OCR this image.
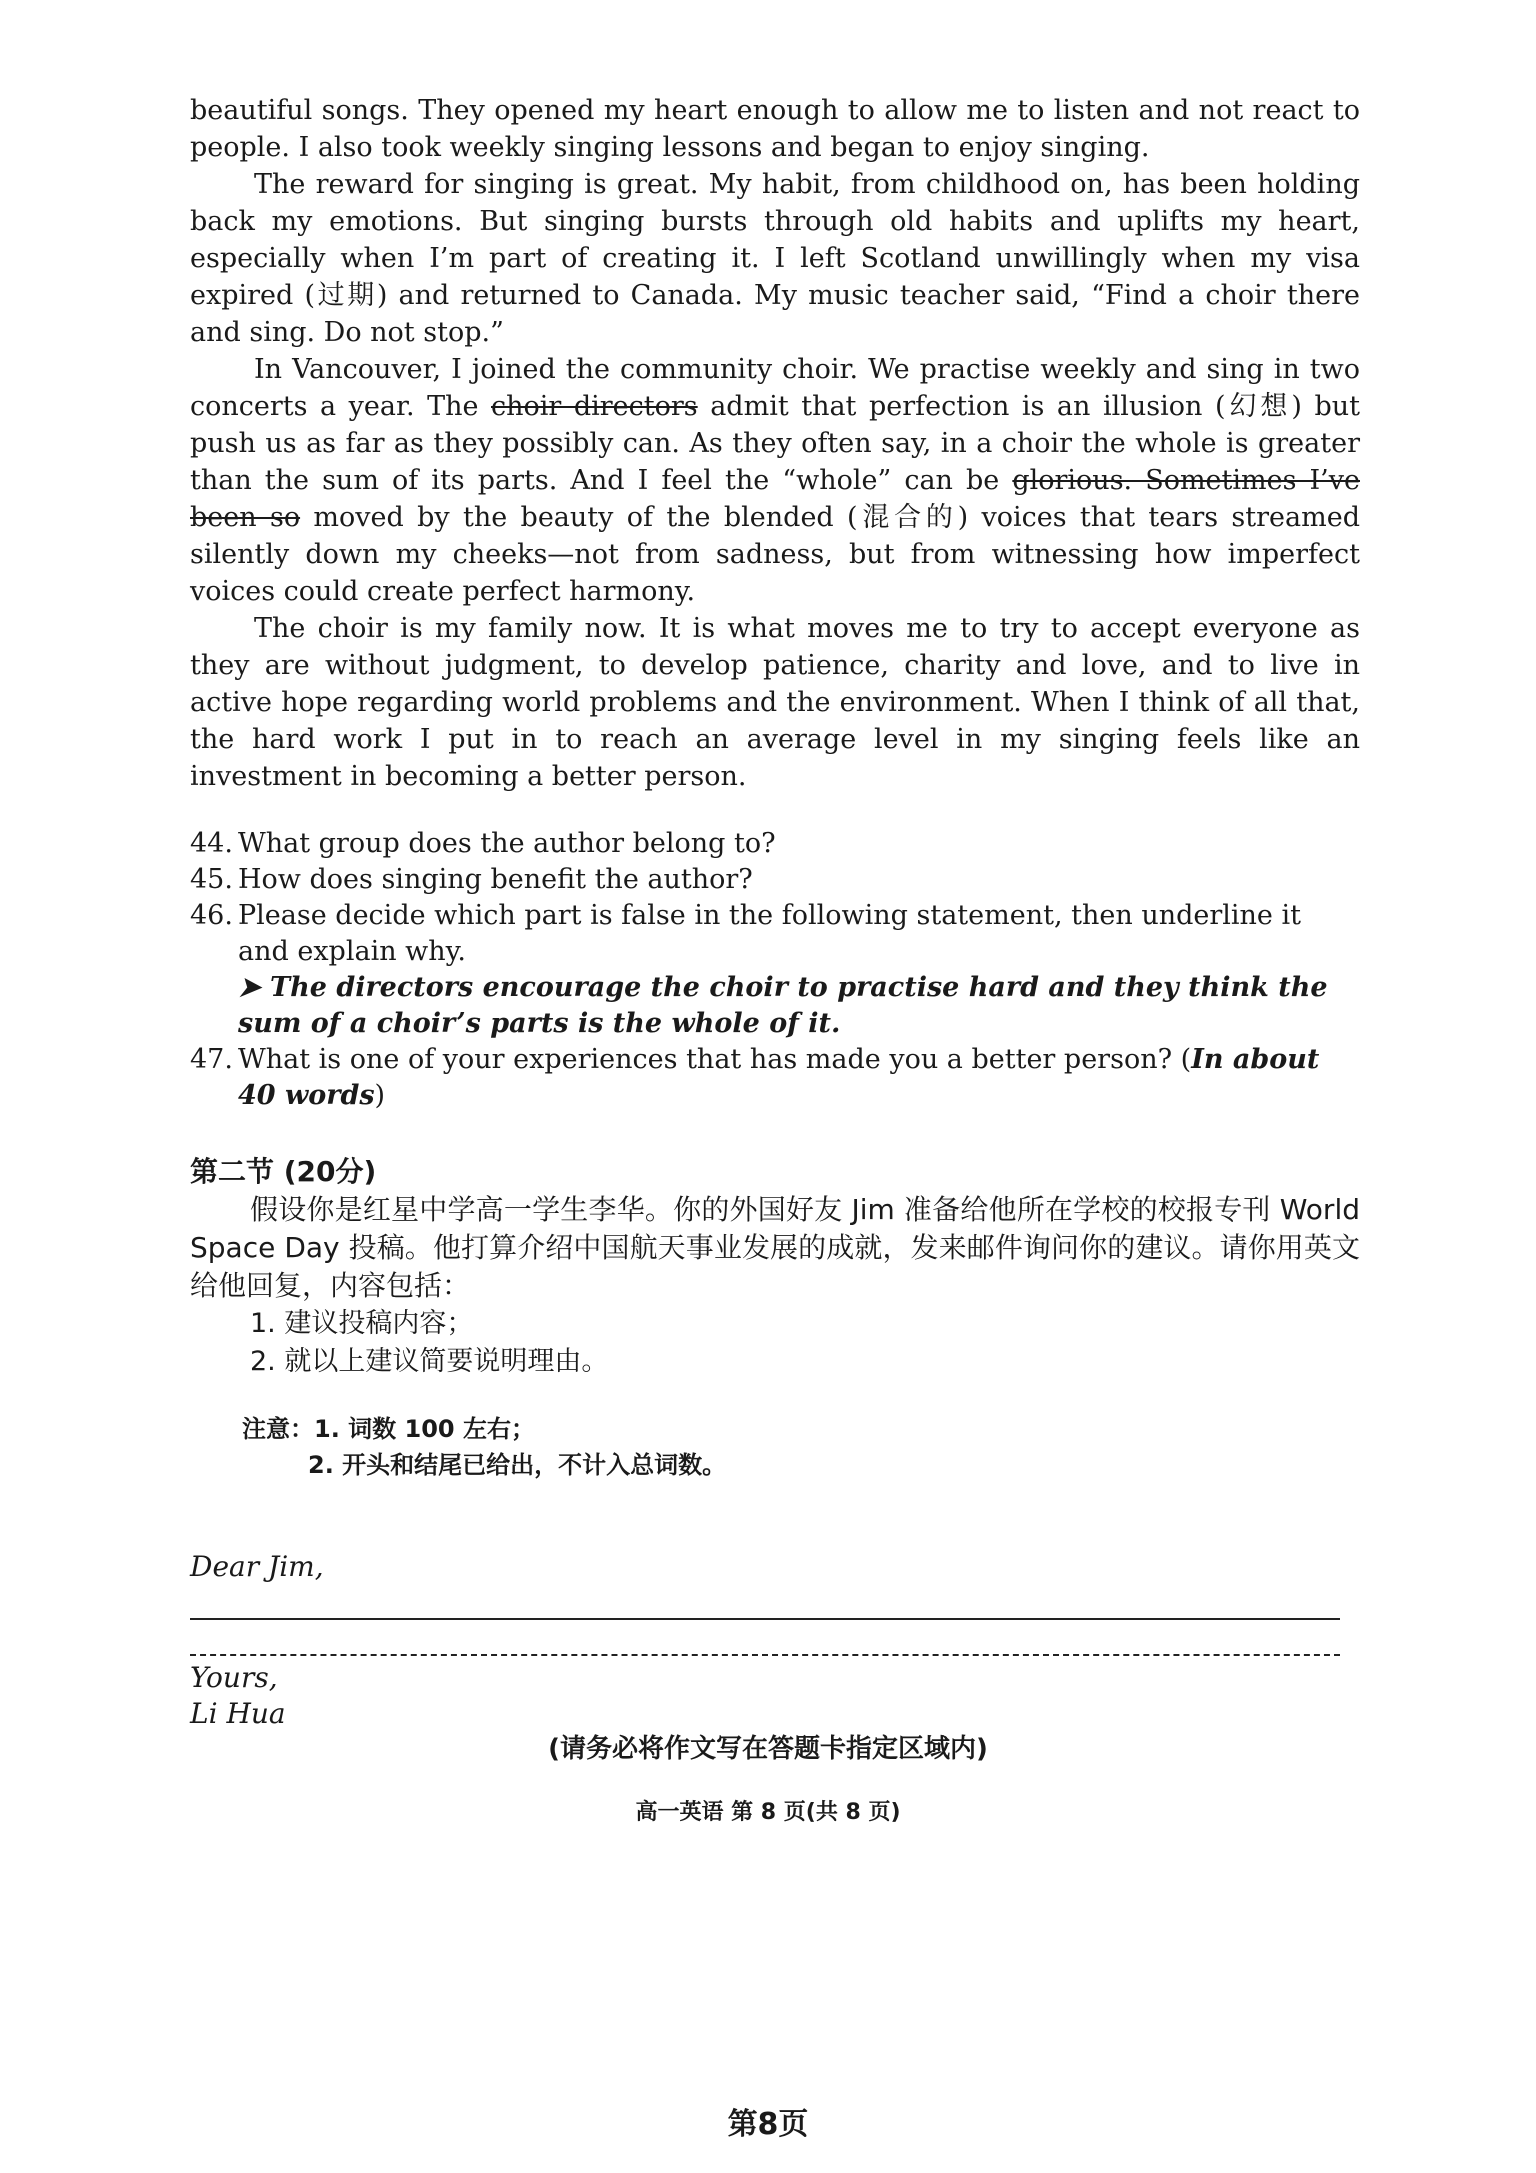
beautiful songs. They opened my heart enough to allow me to listen and not react to people. I also took weekly singing lessons and began to enjoy singing.

The reward for singing is great. My habit, from childhood on, has been holding back my emotions. But singing bursts through old habits and uplifts my heart, especially when I’m part of creating it. I left Scotland unwillingly when my visa expired (过期) and returned to Canada. My music teacher said, “Find a choir there and sing. Do not stop.”

In Vancouver, I joined the community choir. We practise weekly and sing in two concerts a year. The choir directors admit that perfection is an illusion (幻想) but push us as far as they possibly can. As they often say, in a choir the whole is greater than the sum of its parts. And I feel the “whole” can be glorious. Sometimes I’ve been so moved by the beauty of the blended (混合的) voices that tears streamed silently down my cheeks—not from sadness, but from witnessing how imperfect voices could create perfect harmony.

The choir is my family now. It is what moves me to try to accept everyone as they are without judgment, to develop patience, charity and love, and to live in active hope regarding world problems and the environment. When I think of all that, the hard work I put in to reach an average level in my singing feels like an investment in becoming a better person.

44. What group does the author belong to?
45. How does singing benefit the author?
46. Please decide which part is false in the following statement, then underline it and explain why.
➤ The directors encourage the choir to practise hard and they think the sum of a choir’s parts is the whole of it.
47. What is one of your experiences that has made you a better person? (In about 40 words)

第二节 (20分)

假设你是红星中学高一学生李华。你的外国好友 Jim 准备给他所在学校的校报专刊 World Space Day 投稿。他打算介绍中国航天事业发展的成就，发来邮件询问你的建议。请你用英文给他回复，内容包括：

1. 建议投稿内容；

2. 就以上建议简要说明理由。

注意：1. 词数 100 左右；
2. 开头和结尾已给出，不计入总词数。
Dear Jim,
Yours,
Li Hua
(请务必将作文写在答题卡指定区域内)
高一英语 第 8 页(共 8 页)
第8页
